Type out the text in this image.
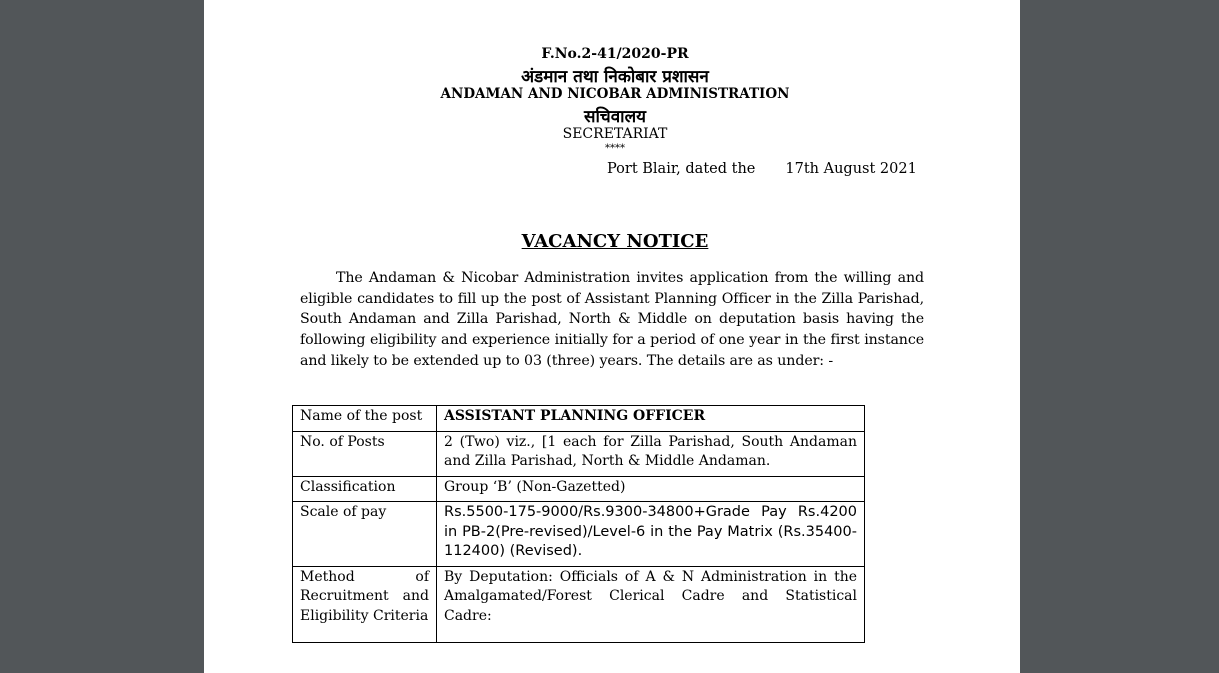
F.No.2-41/2020-PR
अंडमान तथा निकोबार प्रशासन
ANDAMAN AND NICOBAR ADMINISTRATION
सचिवालय
SECRETARIAT
****
Port Blair, dated the 17th August 2021
VACANCY NOTICE
The Andaman & Nicobar Administration invites application from the willing and eligible candidates to fill up the post of Assistant Planning Officer in the Zilla Parishad, South Andaman and Zilla Parishad, North & Middle on deputation basis having the following eligibility and experience initially for a period of one year in the first instance and likely to be extended up to 03 (three) years. The details are as under: -
Name of the post	ASSISTANT PLANNING OFFICER
No. of Posts	2 (Two) viz., [1 each for Zilla Parishad, South Andaman and Zilla Parishad, North & Middle Andaman.
Classification	Group ‘B’ (Non-Gazetted)
Scale of pay	Rs.5500-175-9000/Rs.9300-34800+Grade Pay Rs.4200 in PB-2(Pre-revised)/Level-6 in the Pay Matrix (Rs.35400-112400) (Revised).
Method of Recruitment and Eligibility Criteria	By Deputation: Officials of A & N Administration in the Amalgamated/Forest Clerical Cadre and Statistical Cadre:
